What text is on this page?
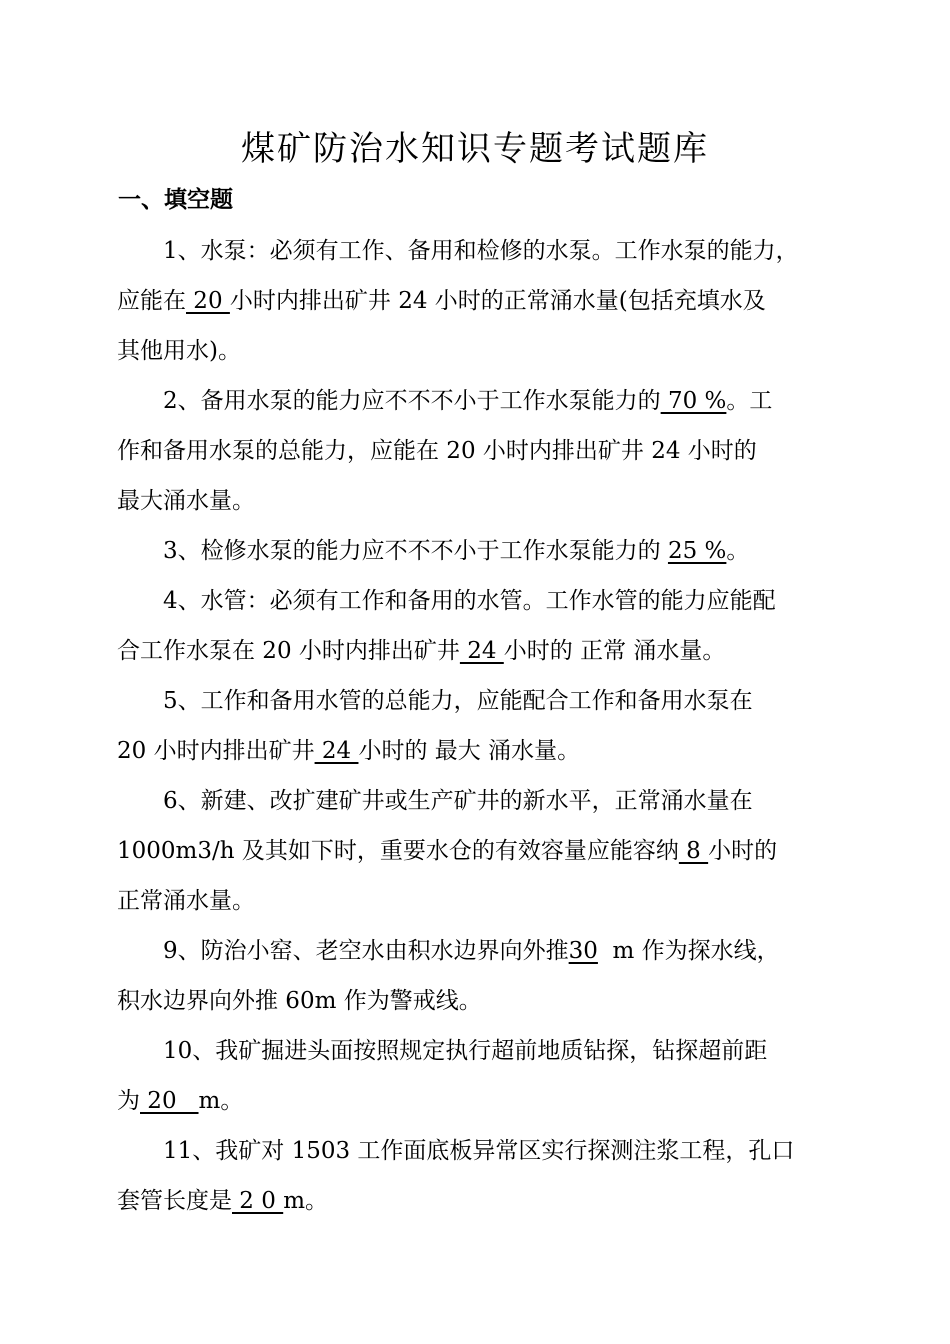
煤矿防治水知识专题考试题库
一、填空题
1、水泵：必须有工作、备用和检修的水泵。工作水泵的能力，
应能在 20 小时内排出矿井 24 小时的正常涌水量(包括充填水及
其他用水)。
2、备用水泵的能力应不不不小于工作水泵能力的 70 %。工
作和备用水泵的总能力，应能在 20 小时内排出矿井 24 小时的
最大涌水量。
3、检修水泵的能力应不不不小于工作水泵能力的 25 %。
4、水管：必须有工作和备用的水管。工作水管的能力应能配
合工作水泵在 20 小时内排出矿井 24 小时的 正常 涌水量。
5、工作和备用水管的总能力，应能配合工作和备用水泵在
20 小时内排出矿井 24 小时的 最大 涌水量。
6、新建、改扩建矿井或生产矿井的新水平，正常涌水量在
1000m3/h 及其如下时，重要水仓的有效容量应能容纳 8 小时的
正常涌水量。
9、防治小窑、老空水由积水边界向外推30  m 作为探水线，
积水边界向外推 60m 作为警戒线。
10、我矿掘进头面按照规定执行超前地质钻探，钻探超前距
为 20   m。
11、我矿对 1503 工作面底板异常区实行探测注浆工程，孔口
套管长度是 2 0 m。
